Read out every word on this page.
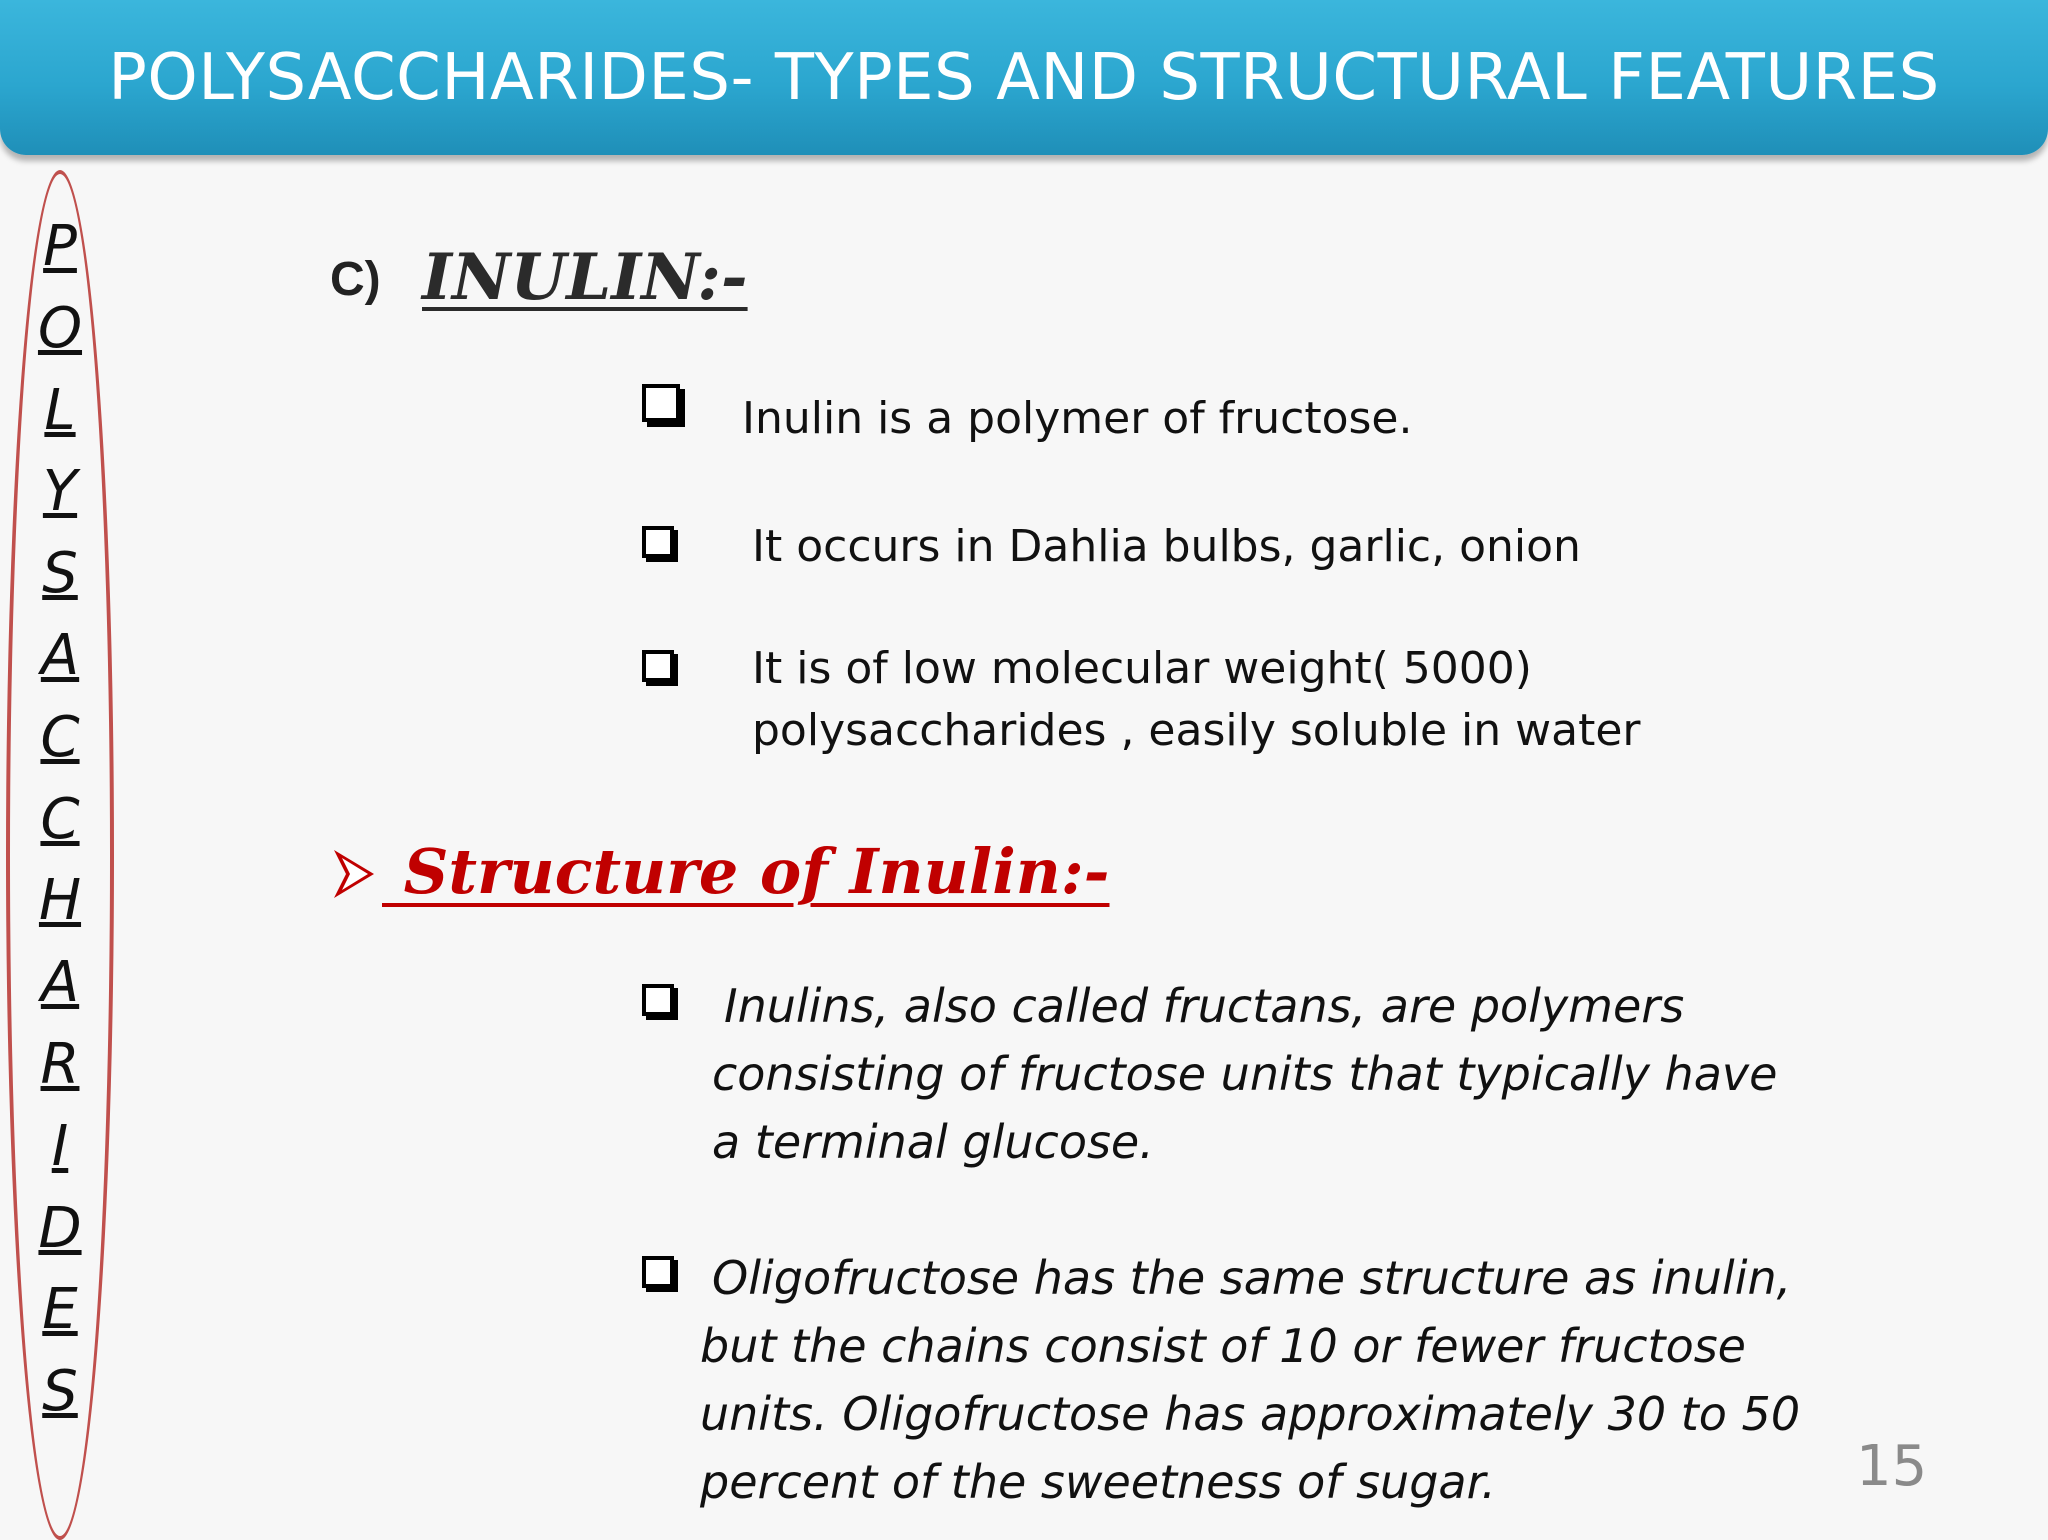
POLYSACCHARIDES- TYPES AND STRUCTURAL FEATURES
P
O
L
Y
S
A
C
C
H
A
R
I
D
E
S
C) INULIN:-
Inulin is a polymer of fructose.
It occurs in Dahlia bulbs, garlic, onion
It is of low molecular weight( 5000)
polysaccharides , easily soluble in water
Structure of Inulin:-
Inulins, also called fructans, are polymers
consisting of fructose units that typically have
a terminal glucose.
Oligofructose has the same structure as inulin,
but the chains consist of 10 or fewer fructose
units. Oligofructose has approximately 30 to 50
percent of the sweetness of sugar.	15
